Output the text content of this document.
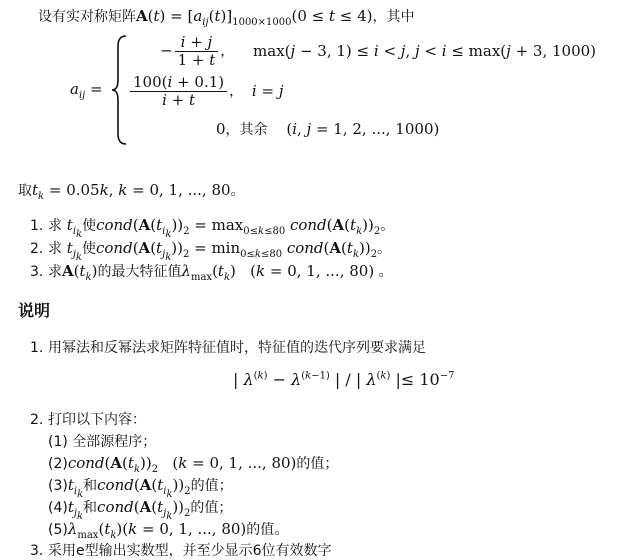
设有实对称矩阵$A(t) = [a_{ij}(t)]_{1000\times 1000}(0 \le t \le 4)$，其中
$a_{ij}$ =
− $\frac{i + j}{1 + t}$ ， max(j − 3, 1) ≤ i < j, j < i ≤ max(j + 3, 1000)
$\frac{100(i + 0.1)}{i + t}$ ， i = j
0，其余 (i, j = 1, 2, ..., 1000)
取$t_k = 0.05k$, k = 0, 1, ..., 80。
1. 求 $t_{i_k}$使$cond(A(t_{i_k}))_2 = \max_{0\le k\le 80}$ $cond(A(t_k))_2$。
2. 求 $t_{j_k}$使$cond(A(t_{j_k}))_2 = \min_{0\le k\le 80}$ $cond(A(t_k))_2$。
3. 求$A(t_k)$的最大特征值$\lambda_{max}(t_k) (k = 0$, 1, ..., 80) 。
说明
1. 用幂法和反幂法求矩阵特征值时，特征值的迭代序列要求满足
| $\lambda^{(k)} - \lambda^{(k-1)}$ | / | $\lambda^{(k)}$ |≤ $10^{-7}$
2. 打印以下内容：
(1) 全部源程序；
$(2)cond(A(t_k))_2$   (k = 0, 1, ..., 80)的值；
$(3)t_{i_k}$和$cond(A(t_{i_k}))_2$的值；
$(4)t_{j_k}$和$cond(A(t_{j_k}))_2$的值；
$(5)\lambda_{max}(t_k)(k = 0$, 1, ..., 80)的值。
3. 采用e型输出实数型，并至少显示6位有效数字
